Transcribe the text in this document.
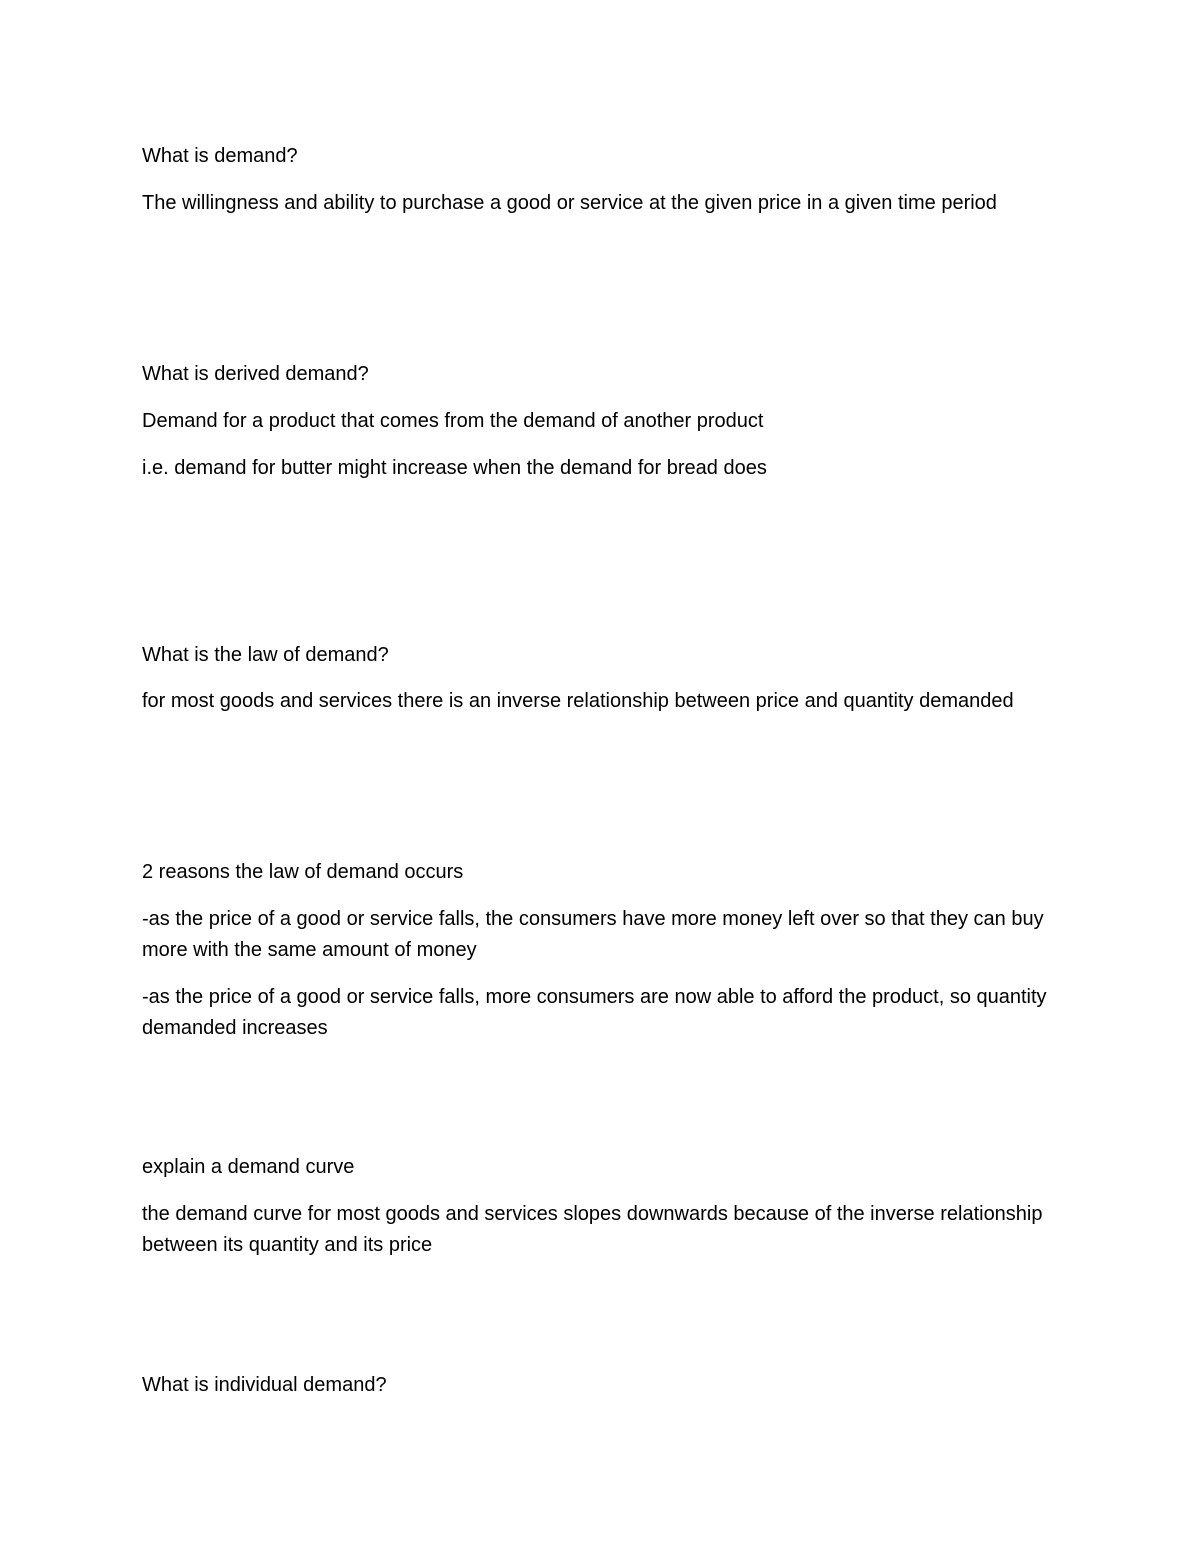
What is demand?

The willingness and ability to purchase a good or service at the given price in a given time period

What is derived demand?

Demand for a product that comes from the demand of another product

i.e. demand for butter might increase when the demand for bread does

What is the law of demand?

for most goods and services there is an inverse relationship between price and quantity demanded

2 reasons the law of demand occurs

-as the price of a good or service falls, the consumers have more money left over so that they can buy more with the same amount of money

-as the price of a good or service falls, more consumers are now able to afford the product, so quantity demanded increases

explain a demand curve

the demand curve for most goods and services slopes downwards because of the inverse relationship between its quantity and its price

What is individual demand?
